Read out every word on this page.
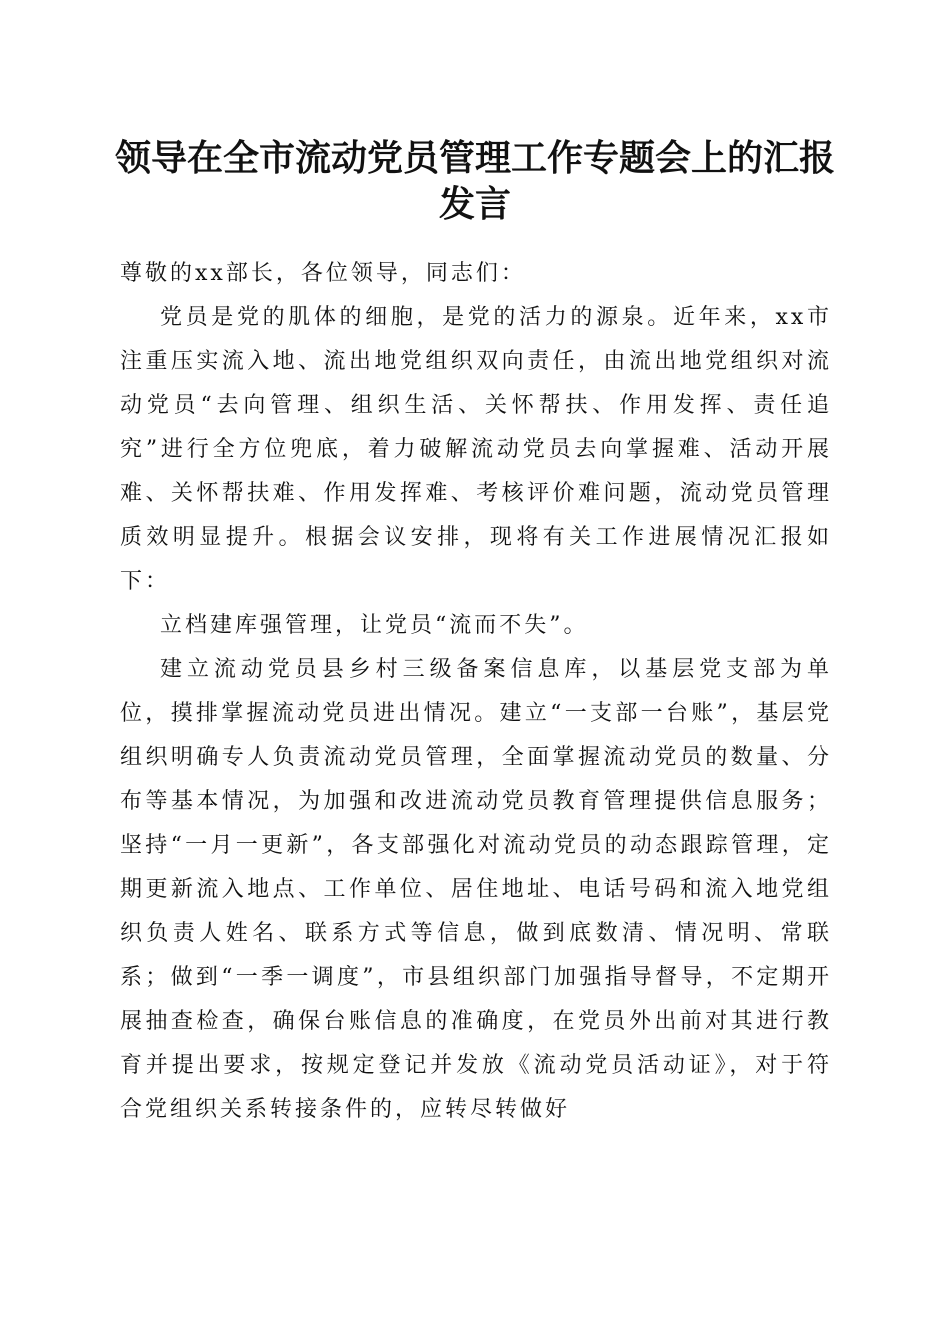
领导在全市流动党员管理工作专题会上的汇报
发言

尊敬的xx部长，各位领导，同志们：

党员是党的肌体的细胞，是党的活力的源泉。近年来，xx市注重压实流入地、流出地党组织双向责任，由流出地党组织对流动党员“去向管理、组织生活、关怀帮扶、作用发挥、责任追究”进行全方位兜底，着力破解流动党员去向掌握难、活动开展难、关怀帮扶难、作用发挥难、考核评价难问题，流动党员管理质效明显提升。根据会议安排，现将有关工作进展情况汇报如下：

立档建库强管理，让党员“流而不失”。

建立流动党员县乡村三级备案信息库，以基层党支部为单位，摸排掌握流动党员进出情况。建立“一支部一台账”，基层党组织明确专人负责流动党员管理，全面掌握流动党员的数量、分布等基本情况，为加强和改进流动党员教育管理提供信息服务；坚持“一月一更新”，各支部强化对流动党员的动态跟踪管理，定期更新流入地点、工作单位、居住地址、电话号码和流入地党组织负责人姓名、联系方式等信息，做到底数清、情况明、常联系；做到“一季一调度”，市县组织部门加强指导督导，不定期开展抽查检查，确保台账信息的准确度，在党员外出前对其进行教育并提出要求，按规定登记并发放《流动党员活动证》，对于符合党组织关系转接条件的，应转尽转做好
